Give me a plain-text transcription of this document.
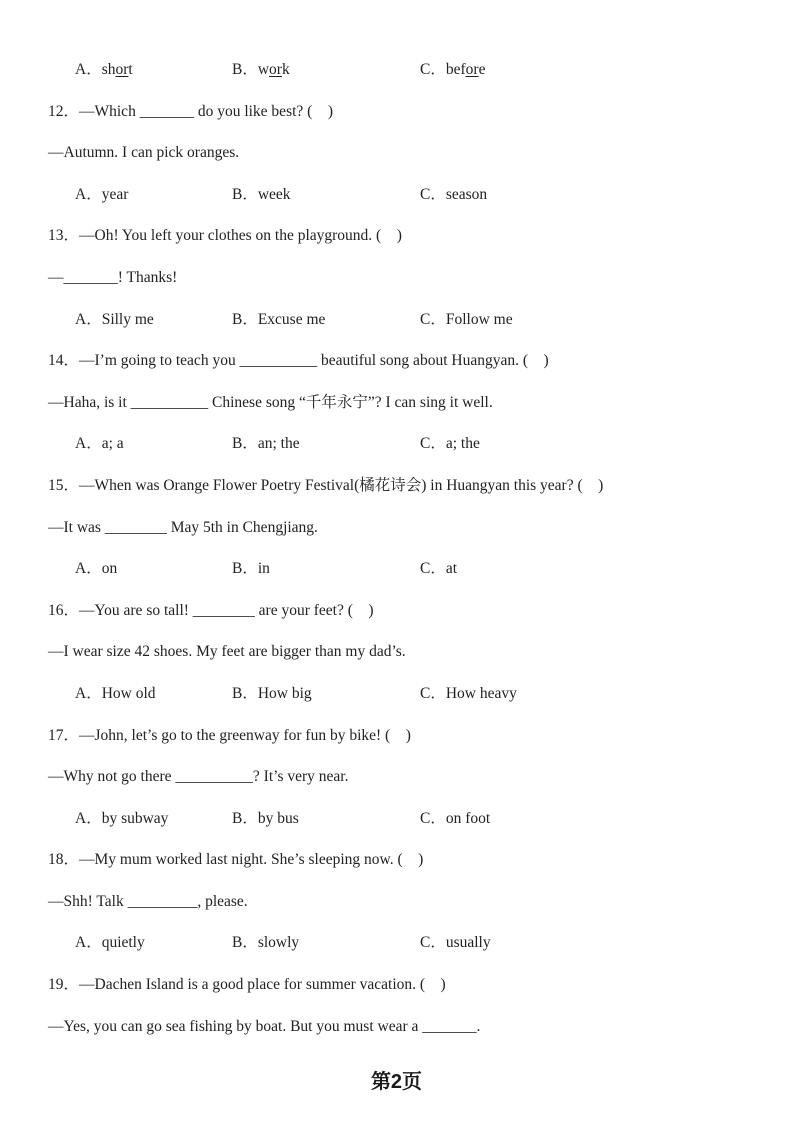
A．short	B．work	C．before
12．—Which _______ do you like best? (    )
—Autumn. I can pick oranges.
A．year	B．week	C．season
13．—Oh! You left your clothes on the playground. (    )
—_______! Thanks!
A．Silly me	B．Excuse me	C．Follow me
14．—I’m going to teach you __________ beautiful song about Huangyan. (    )
—Haha, is it __________ Chinese song “千年永宁”? I can sing it well.
A．a; a	B．an; the	C．a; the
15．—When was Orange Flower Poetry Festival(橘花诗会) in Huangyan this year? (    )
—It was ________ May 5th in Chengjiang.
A．on	B．in	C．at
16．—You are so tall! ________ are your feet? (    )
—I wear size 42 shoes. My feet are bigger than my dad’s.
A．How old	B．How big	C．How heavy
17．—John, let’s go to the greenway for fun by bike! (    )
—Why not go there __________? It’s very near.
A．by subway	B．by bus	C．on foot
18．—My mum worked last night. She’s sleeping now. (    )
—Shh! Talk _________, please.
A．quietly	B．slowly	C．usually
19．—Dachen Island is a good place for summer vacation. (    )
—Yes, you can go sea fishing by boat. But you must wear a _______.
第2页
